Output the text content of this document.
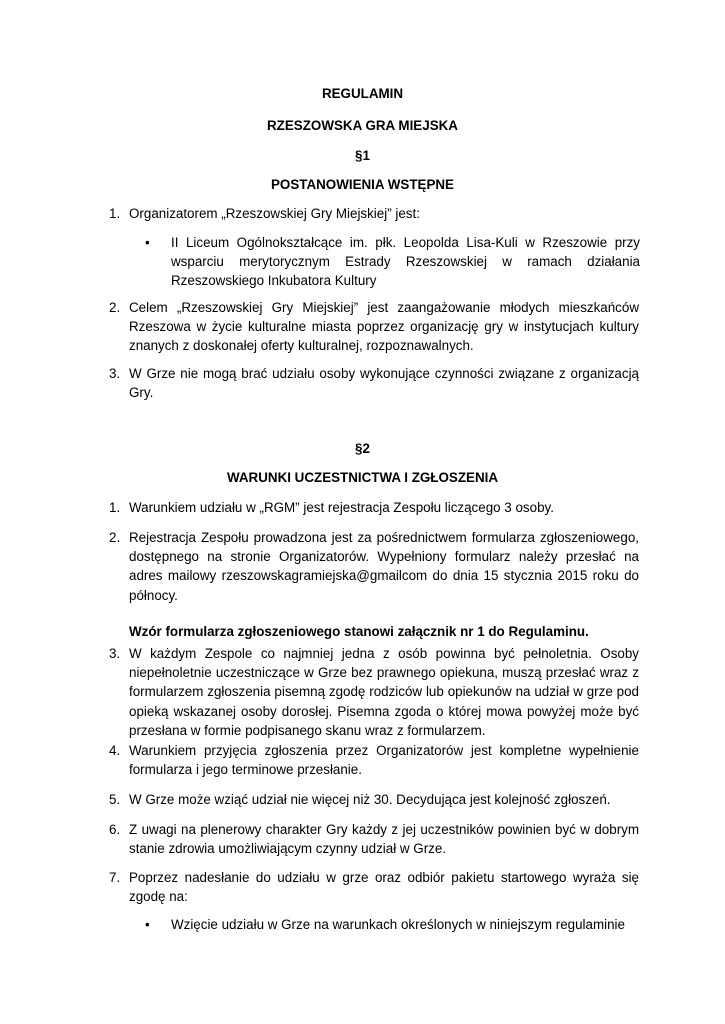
REGULAMIN

RZESZOWSKA GRA MIEJSKA

§1

POSTANOWIENIA WSTĘPNE

1. Organizatorem „Rzeszowskiej Gry Miejskiej” jest:
•	II Liceum Ogólnokształcące im. płk. Leopolda Lisa-Kuli w Rzeszowie przy wsparciu merytorycznym Estrady Rzeszowskiej w ramach działania Rzeszowskiego Inkubatora Kultury
2. Celem „Rzeszowskiej Gry Miejskiej” jest zaangażowanie młodych mieszkańców Rzeszowa w życie kulturalne miasta poprzez organizację gry w instytucjach kultury znanych z doskonałej oferty kulturalnej, rozpoznawalnych.
3. W Grze nie mogą brać udziału osoby wykonujące czynności związane z organizacją Gry.

§2

WARUNKI UCZESTNICTWA I ZGŁOSZENIA

1. Warunkiem udziału w „RGM” jest rejestracja Zespołu liczącego 3 osoby.
2. Rejestracja Zespołu prowadzona jest za pośrednictwem formularza zgłoszeniowego, dostępnego na stronie Organizatorów. Wypełniony formularz należy przesłać na adres mailowy rzeszowskagramiejska@gmailcom do dnia 15 stycznia 2015 roku do północy.

Wzór formularza zgłoszeniowego stanowi załącznik nr 1 do Regulaminu.

3. W każdym Zespole co najmniej jedna z osób powinna być pełnoletnia. Osoby niepełnoletnie uczestniczące w Grze bez prawnego opiekuna, muszą przesłać wraz z formularzem zgłoszenia pisemną zgodę rodziców lub opiekunów na udział w grze pod opieką wskazanej osoby dorosłej. Pisemna zgoda o której mowa powyżej może być przesłana w formie podpisanego skanu wraz z formularzem.
4. Warunkiem przyjęcia zgłoszenia przez Organizatorów jest kompletne wypełnienie formularza i jego terminowe przesłanie.
5. W Grze może wziąć udział nie więcej niż 30. Decydująca jest kolejność zgłoszeń.
6. Z uwagi na plenerowy charakter Gry każdy z jej uczestników powinien być w dobrym stanie zdrowia umożliwiającym czynny udział w Grze.
7. Poprzez nadesłanie do udziału w grze oraz odbiór pakietu startowego wyraża się zgodę na:
•	Wzięcie udziału w Grze na warunkach określonych w niniejszym regulaminie
